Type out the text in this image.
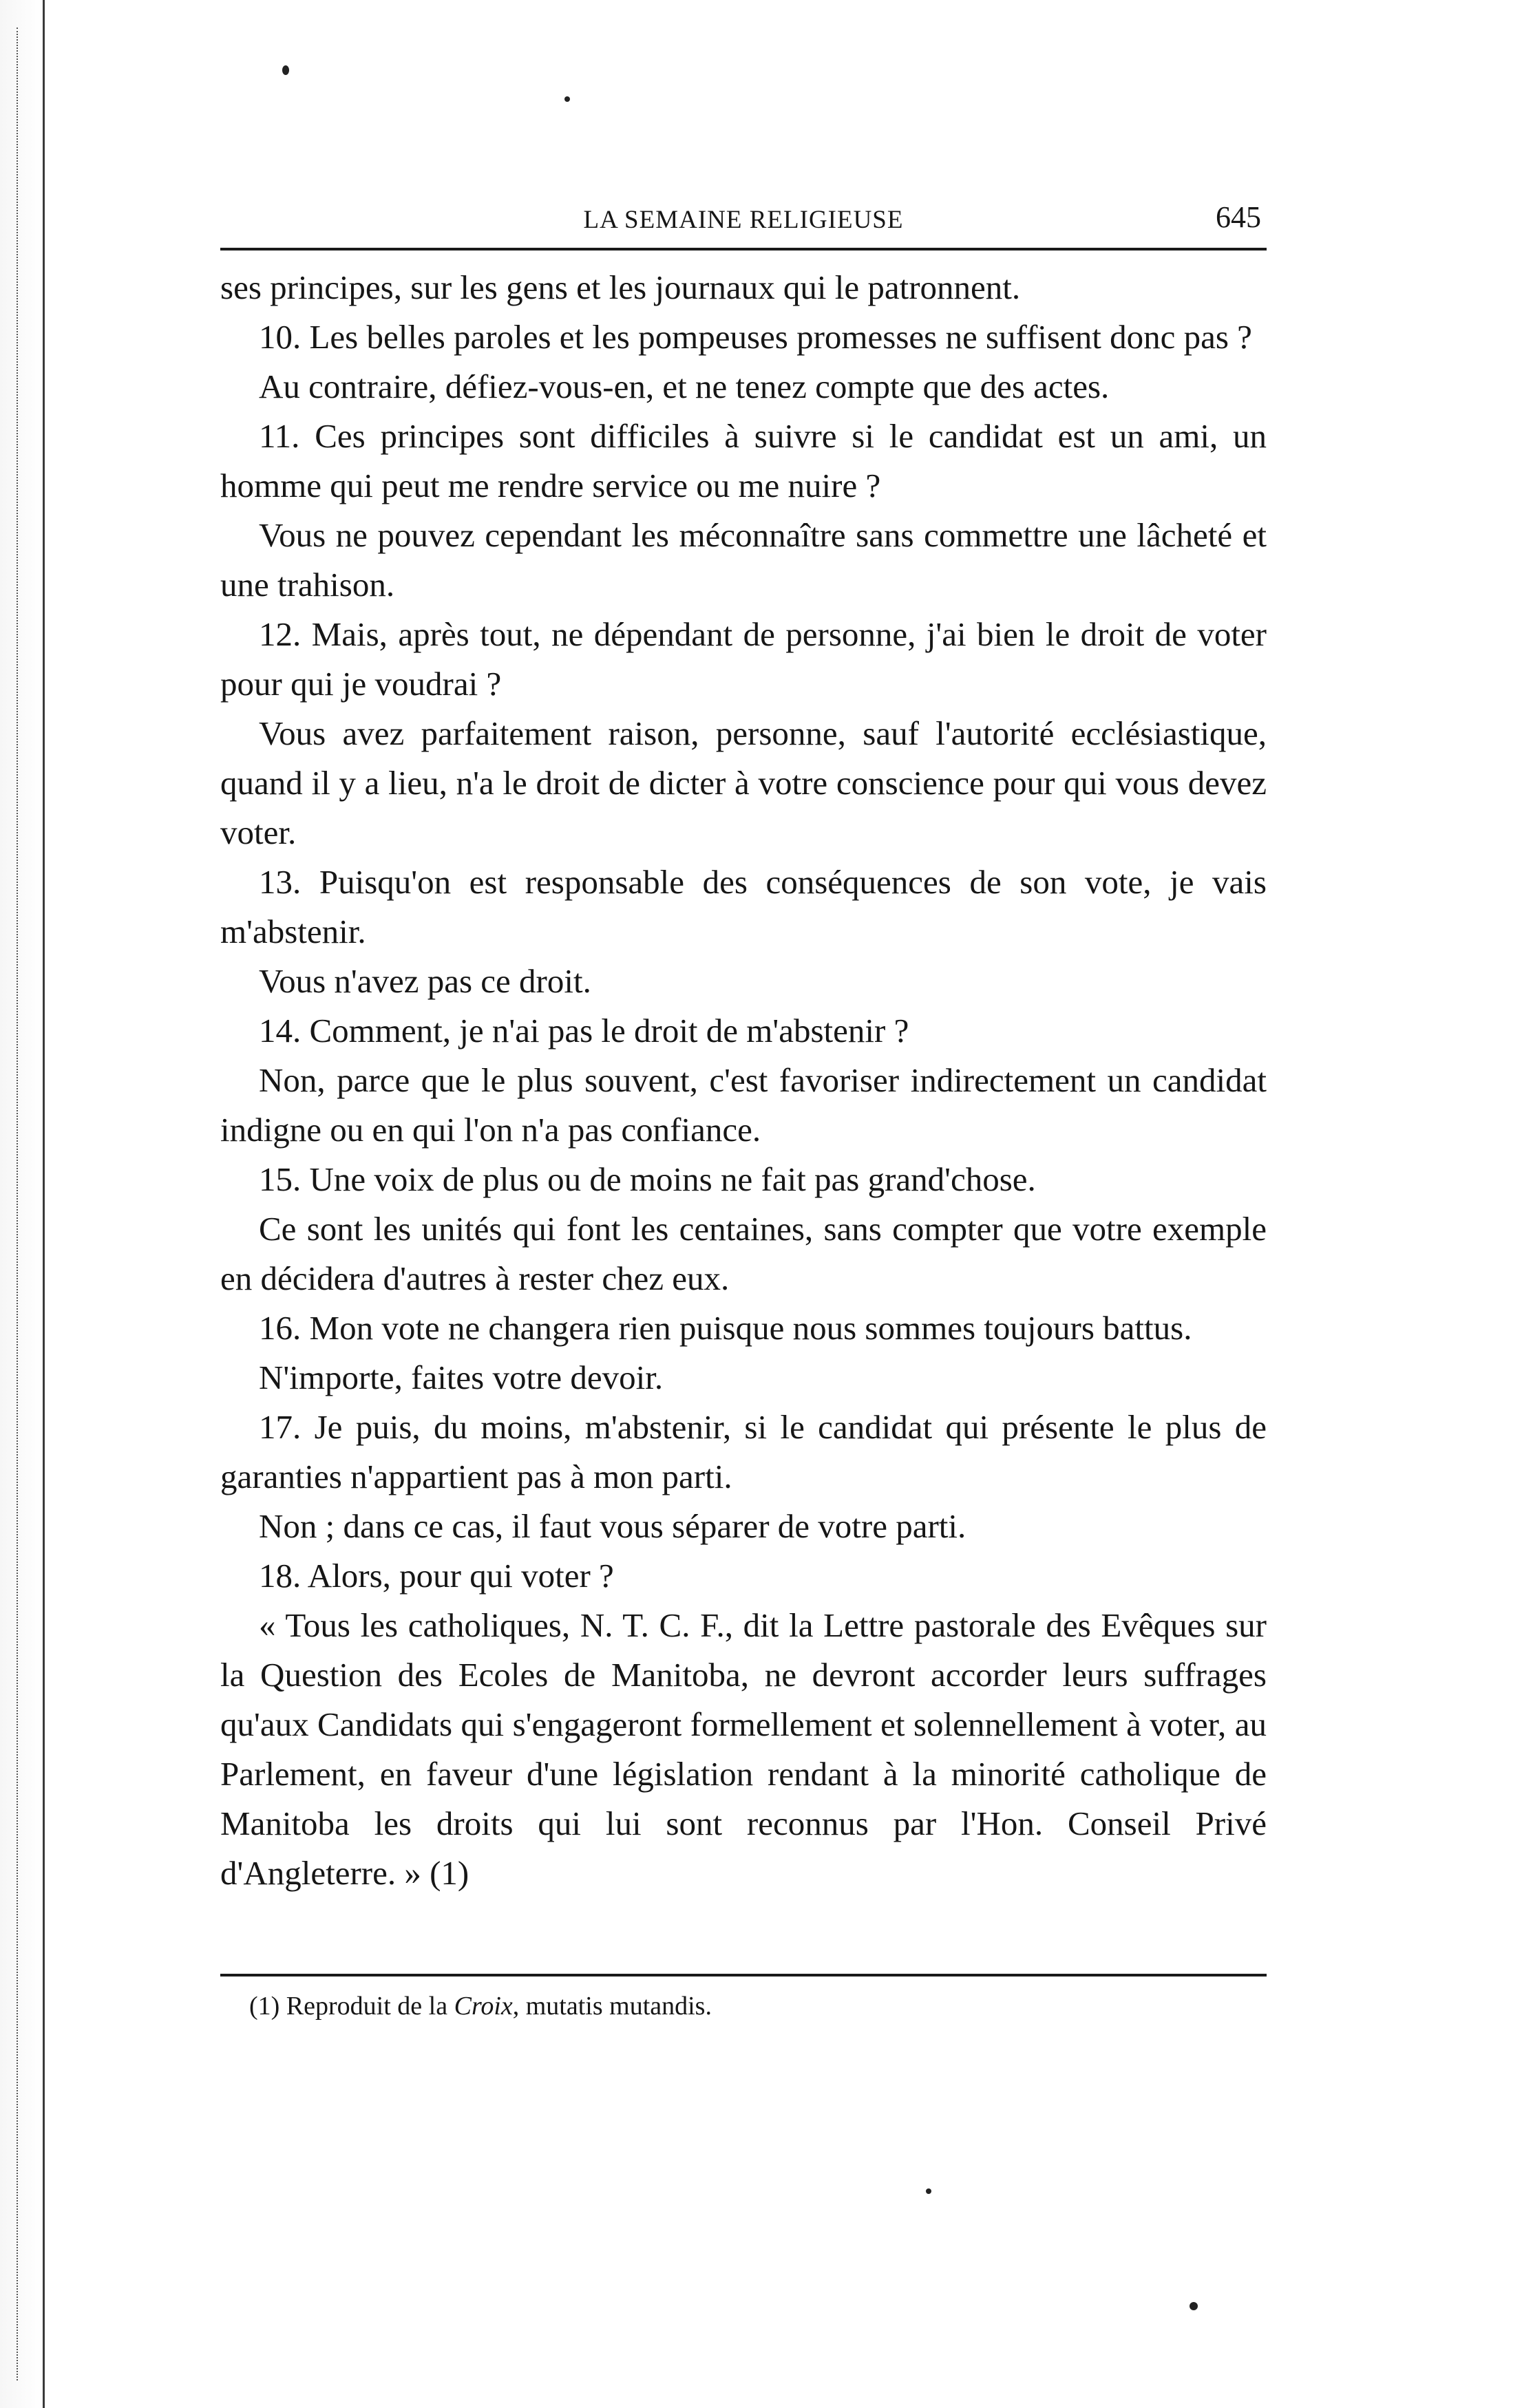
LA SEMAINE RELIGIEUSE	645

ses principes, sur les gens et les journaux qui le patronnent.

10. Les belles paroles et les pompeuses promesses ne suffisent donc pas ?

Au contraire, défiez-vous-en, et ne tenez compte que des actes.

11. Ces principes sont difficiles à suivre si le candidat est un ami, un homme qui peut me rendre service ou me nuire ?

Vous ne pouvez cependant les méconnaître sans commettre une lâcheté et une trahison.

12. Mais, après tout, ne dépendant de personne, j'ai bien le droit de voter pour qui je voudrai ?

Vous avez parfaitement raison, personne, sauf l'autorité ecclésiastique, quand il y a lieu, n'a le droit de dicter à votre conscience pour qui vous devez voter.

13. Puisqu'on est responsable des conséquences de son vote, je vais m'abstenir.

Vous n'avez pas ce droit.

14. Comment, je n'ai pas le droit de m'abstenir ?

Non, parce que le plus souvent, c'est favoriser indirectement un candidat indigne ou en qui l'on n'a pas confiance.

15. Une voix de plus ou de moins ne fait pas grand'chose.

Ce sont les unités qui font les centaines, sans compter que votre exemple en décidera d'autres à rester chez eux.

16. Mon vote ne changera rien puisque nous sommes toujours battus.

N'importe, faites votre devoir.

17. Je puis, du moins, m'abstenir, si le candidat qui présente le plus de garanties n'appartient pas à mon parti.

Non ; dans ce cas, il faut vous séparer de votre parti.

18. Alors, pour qui voter ?

« Tous les catholiques, N. T. C. F., dit la Lettre pastorale des Evêques sur la Question des Ecoles de Manitoba, ne devront accorder leurs suffrages qu'aux Candidats qui s'engageront formellement et solennellement à voter, au Parlement, en faveur d'une législation rendant à la minorité catholique de Manitoba les droits qui lui sont reconnus par l'Hon. Conseil Privé d'Angleterre. » (1)

(1) Reproduit de la Croix, mutatis mutandis.
